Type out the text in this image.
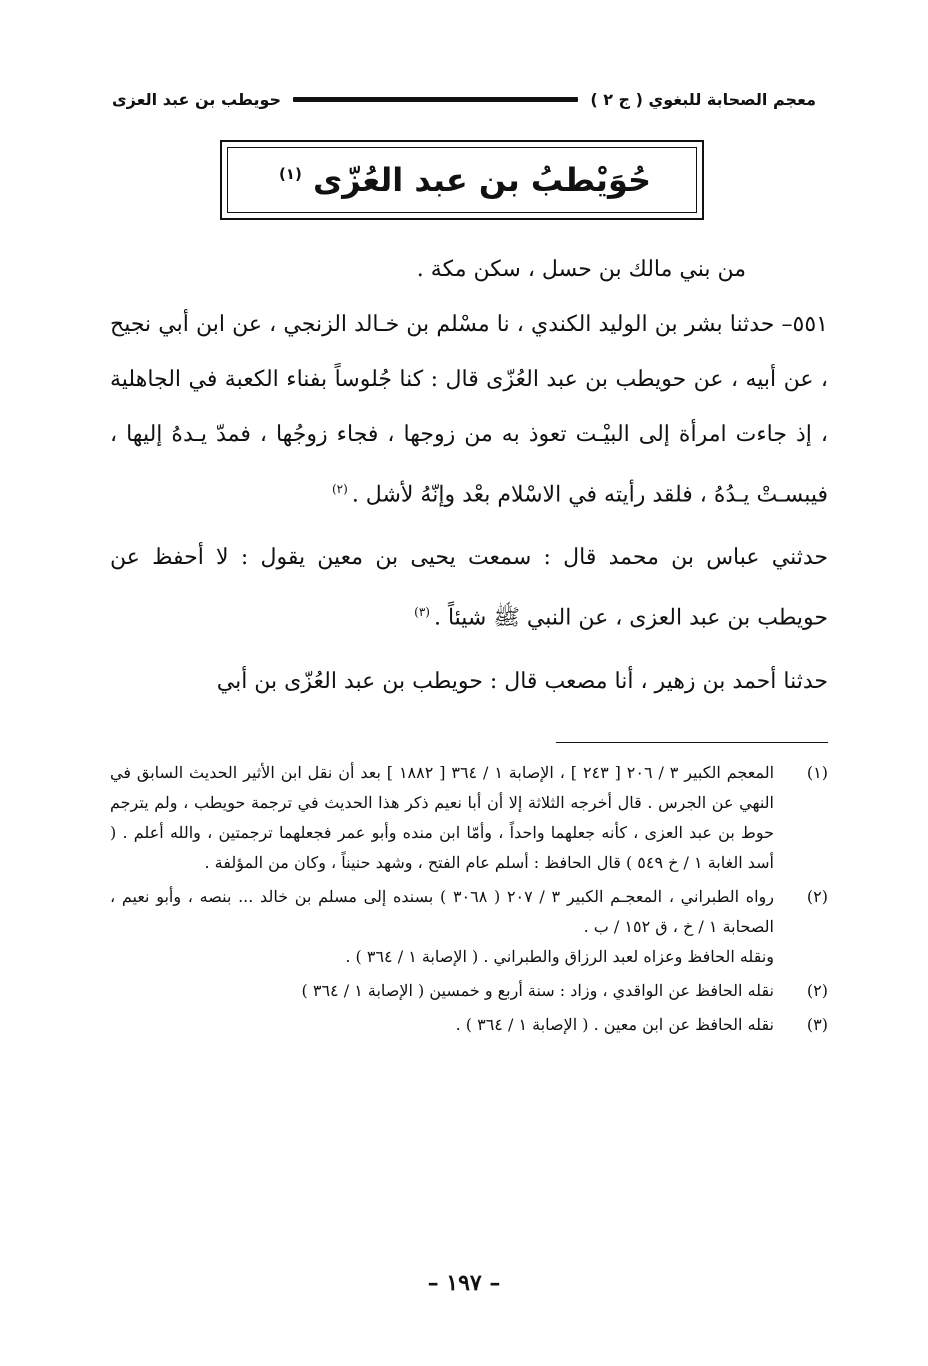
معجم الصحابة للبغوي ( ج ٢ )
حويطب بن عبد العزى
حُوَيْطبُ بن عبد العُزّى $^{(١)}$

من بني مالك بن حسل ، سكن مكة .

٥٥١– حدثنا بشر بن الوليد الكندي ، نا مسْلم بن خـالد الزنجي ، عن ابن أبي نجيح ، عن أبيه ، عن حويطب بن عبد العُزّى قال : كنا جُلوساً بفناء الكعبة في الجاهلية ، إذ جاءت امرأة إلى البيْـت تعوذ به من زوجها ، فجاء زوجُها ، فمدّ يـدهُ إليها ، فيبسـتْ يـدُهُ ، فلقد رأيته في الاسْلام بعْد وإنّهُ لأشل .$^{(٢)}$

حدثني عباس بن محمد قال : سمعت يحيى بن معين يقول : لا أحفظ عن حويطب بن عبد العزى ، عن النبي ﷺ شيئاً .$^{(٣)}$

حدثنا أحمد بن زهير ، أنا مصعب قال : حويطب بن عبد العُزّى بن أبي

(١)

المعجم الكبير ٣ / ٢٠٦ [ ٢٤٣ ] ، الإصابة ١ / ٣٦٤ [ ١٨٨٢ ] بعد أن نقل ابن الأثير الحديث السابق في النهي عن الجرس . قال أخرجه الثلاثة إلا أن أبا نعيم ذكر هذا الحديث في ترجمة حويطب ، ولم يترجم حوط بن عبد العزى ، كأنه جعلهما واحداً ، وأمّا ابن منده وأبو عمر فجعلهما ترجمتين ، والله أعلم . ( أسد الغابة ١ / خ ٥٤٩ ) قال الحافظ : أسلم عام الفتح ، وشهد حنيناً ، وكان من المؤلفة .

(٢)

رواه الطبراني ، المعجـم الكبير ٣ / ٢٠٧ ( ٣٠٦٨ ) بسنده إلى مسلم بن خالد ... بنصه ، وأبو نعيم ، الصحابة ١ / خ ، ق ١٥٢ / ب .

ونقله الحافظ وعزاه لعبد الرزاق والطبراني . ( الإصابة ١ / ٣٦٤ ) .

(٢)

نقله الحافظ عن الواقدي ، وزاد : سنة أربع و خمسين ( الإصابة ١ / ٣٦٤ )

(٣)

نقله الحافظ عن ابن معين . ( الإصابة ١ / ٣٦٤ ) .

– ١٩٧ –
